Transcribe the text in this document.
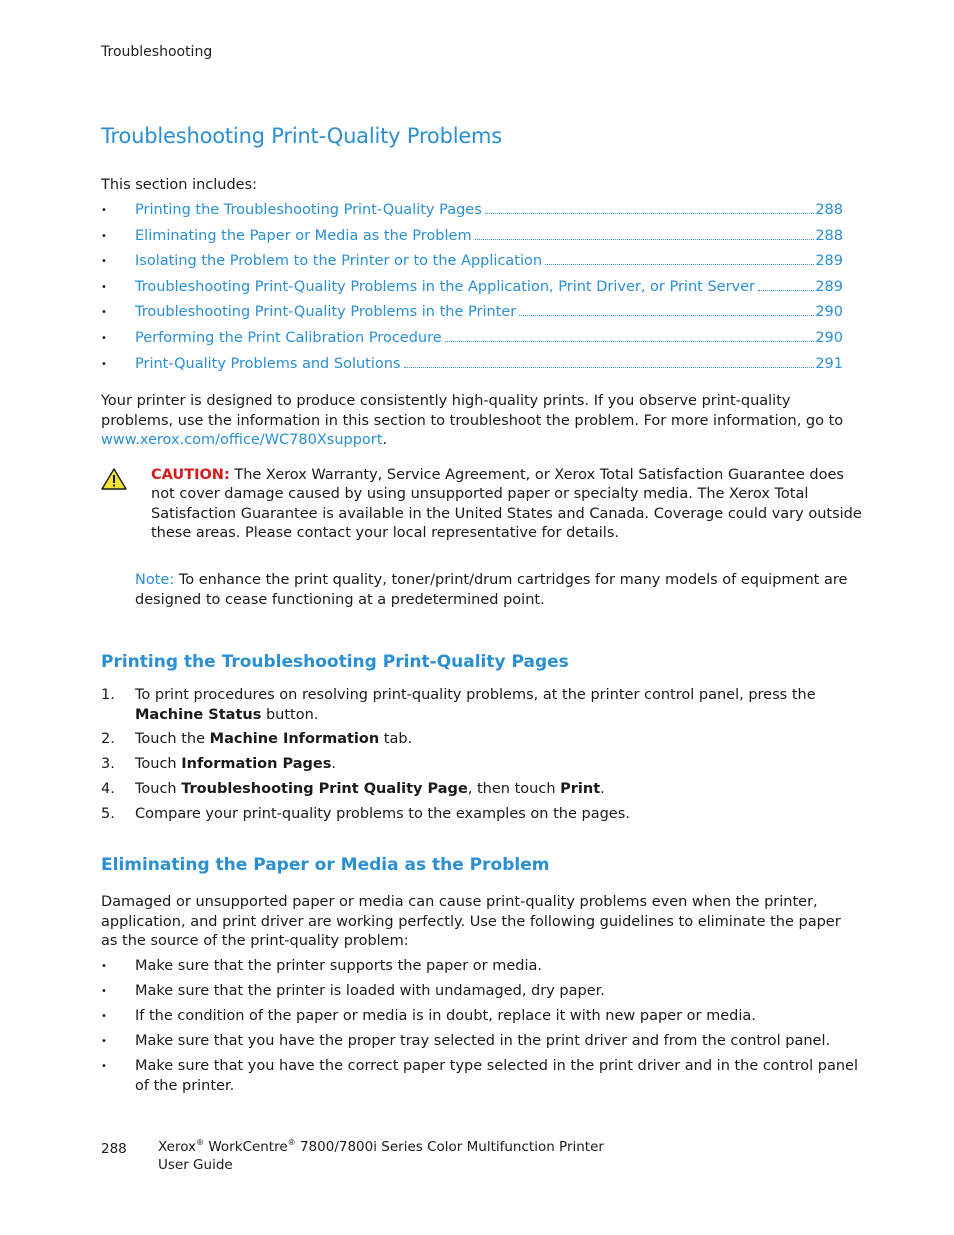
Troubleshooting
Troubleshooting Print-Quality Problems
This section includes:
• Printing the Troubleshooting Print-Quality Pages	288
• Eliminating the Paper or Media as the Problem	288
• Isolating the Problem to the Printer or to the Application	289
• Troubleshooting Print-Quality Problems in the Application, Print Driver, or Print Server	289
• Troubleshooting Print-Quality Problems in the Printer	290
• Performing the Print Calibration Procedure	290
• Print-Quality Problems and Solutions	291

Your printer is designed to produce consistently high-quality prints. If you observe print-quality problems, use the information in this section to troubleshoot the problem. For more information, go to www.xerox.com/office/WC780Xsupport.

CAUTION: The Xerox Warranty, Service Agreement, or Xerox Total Satisfaction Guarantee does not cover damage caused by using unsupported paper or specialty media. The Xerox Total Satisfaction Guarantee is available in the United States and Canada. Coverage could vary outside these areas. Please contact your local representative for details.
Note: To enhance the print quality, toner/print/drum cartridges for many models of equipment are designed to cease functioning at a predetermined point.
Printing the Troubleshooting Print-Quality Pages
1. To print procedures on resolving print-quality problems, at the printer control panel, press the Machine Status button.
2. Touch the Machine Information tab.
3. Touch Information Pages.
4. Touch Troubleshooting Print Quality Page, then touch Print.
5. Compare your print-quality problems to the examples on the pages.
Eliminating the Paper or Media as the Problem

Damaged or unsupported paper or media can cause print-quality problems even when the printer, application, and print driver are working perfectly. Use the following guidelines to eliminate the paper as the source of the print-quality problem:

• Make sure that the printer supports the paper or media.
• Make sure that the printer is loaded with undamaged, dry paper.
• If the condition of the paper or media is in doubt, replace it with new paper or media.
• Make sure that you have the proper tray selected in the print driver and from the control panel.
• Make sure that you have the correct paper type selected in the print driver and in the control panel of the printer.
288 Xerox® WorkCentre® 7800/7800i Series Color Multifunction Printer
User Guide
